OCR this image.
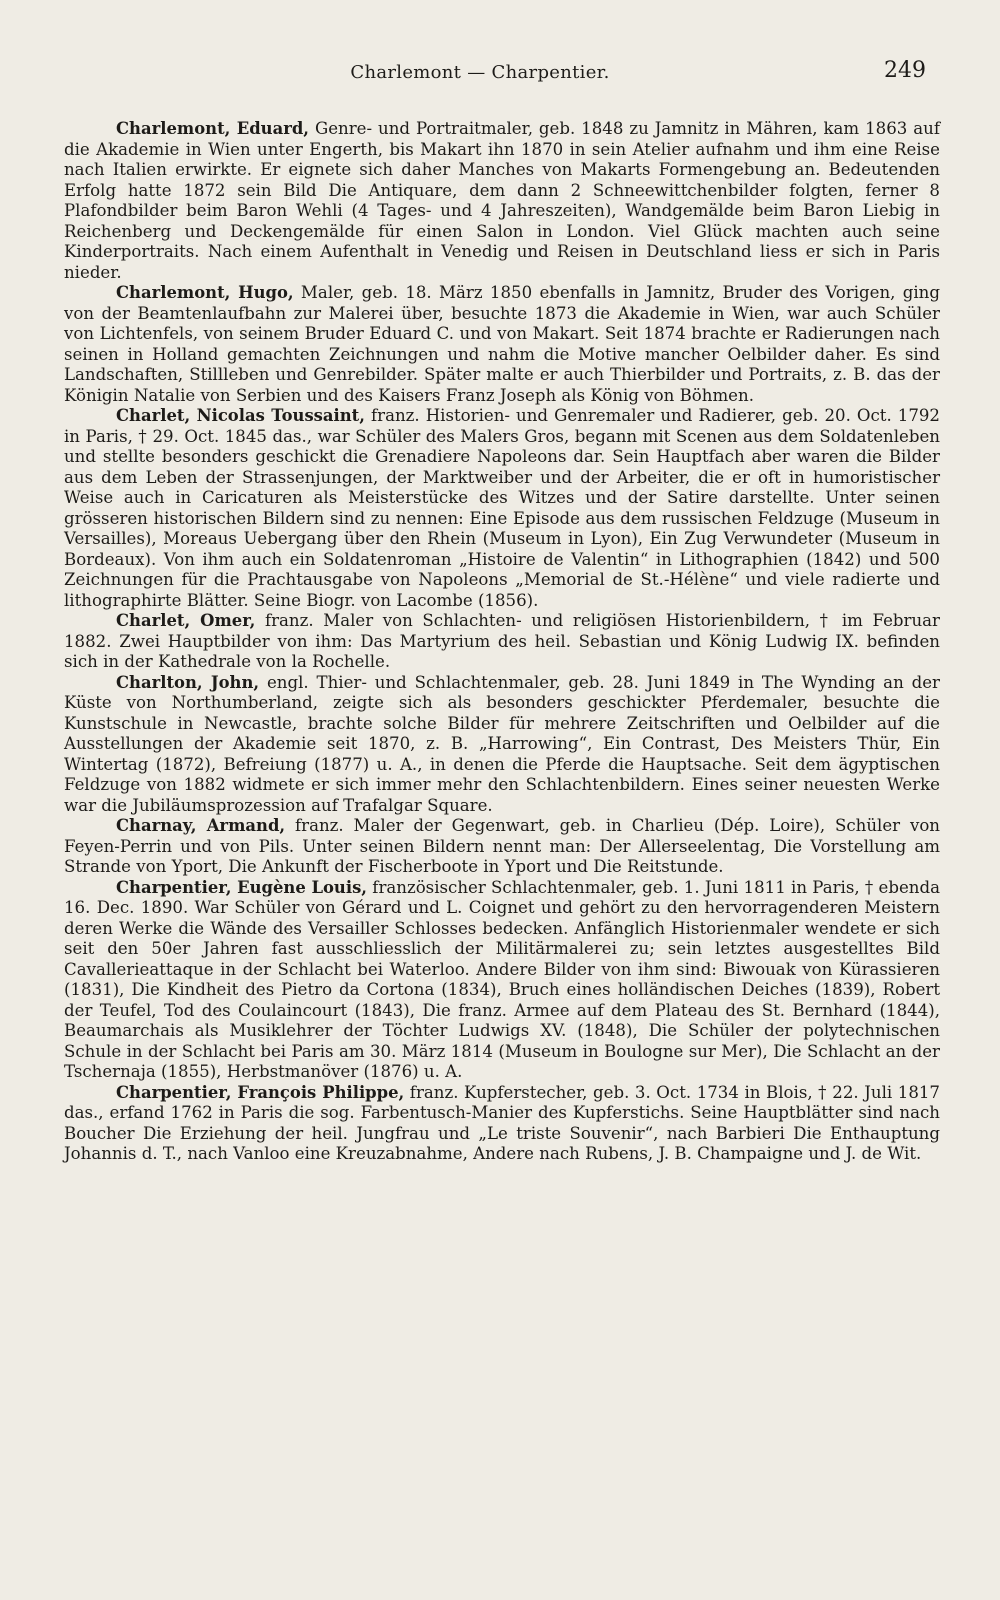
Charlemont — Charpentier.	249

Charlemont, Eduard, Genre- und Portraitmaler, geb. 1848 zu Jamnitz in Mähren, kam 1863 auf die Akademie in Wien unter Engerth, bis Makart ihn 1870 in sein Atelier aufnahm und ihm eine Reise nach Italien erwirkte. Er eignete sich daher Manches von Makarts Formengebung an. Bedeutenden Erfolg hatte 1872 sein Bild Die Antiquare, dem dann 2 Schneewittchenbilder folgten, ferner 8 Plafondbilder beim Baron Wehli (4 Tages- und 4 Jahreszeiten), Wandgemälde beim Baron Liebig in Reichenberg und Deckengemälde für einen Salon in London. Viel Glück machten auch seine Kinderportraits. Nach einem Aufenthalt in Venedig und Reisen in Deutschland liess er sich in Paris nieder.

Charlemont, Hugo, Maler, geb. 18. März 1850 ebenfalls in Jamnitz, Bruder des Vorigen, ging von der Beamtenlaufbahn zur Malerei über, besuchte 1873 die Akademie in Wien, war auch Schüler von Lichtenfels, von seinem Bruder Eduard C. und von Makart. Seit 1874 brachte er Radierungen nach seinen in Holland gemachten Zeichnungen und nahm die Motive mancher Oelbilder daher. Es sind Landschaften, Stillleben und Genrebilder. Später malte er auch Thierbilder und Portraits, z. B. das der Königin Natalie von Serbien und des Kaisers Franz Joseph als König von Böhmen.

Charlet, Nicolas Toussaint, franz. Historien- und Genremaler und Radierer, geb. 20. Oct. 1792 in Paris, † 29. Oct. 1845 das., war Schüler des Malers Gros, begann mit Scenen aus dem Soldatenleben und stellte besonders geschickt die Grenadiere Napoleons dar. Sein Hauptfach aber waren die Bilder aus dem Leben der Strassenjungen, der Marktweiber und der Arbeiter, die er oft in humoristischer Weise auch in Caricaturen als Meisterstücke des Witzes und der Satire darstellte. Unter seinen grösseren historischen Bildern sind zu nennen: Eine Episode aus dem russischen Feldzuge (Museum in Versailles), Moreaus Uebergang über den Rhein (Museum in Lyon), Ein Zug Verwundeter (Museum in Bordeaux). Von ihm auch ein Soldatenroman „Histoire de Valentin“ in Lithographien (1842) und 500 Zeichnungen für die Prachtausgabe von Napoleons „Memorial de St.-Hélène“ und viele radierte und lithographirte Blätter. Seine Biogr. von Lacombe (1856).

Charlet, Omer, franz. Maler von Schlachten- und religiösen Historienbildern, † im Februar 1882. Zwei Hauptbilder von ihm: Das Martyrium des heil. Sebastian und König Ludwig IX. befinden sich in der Kathedrale von la Rochelle.

Charlton, John, engl. Thier- und Schlachtenmaler, geb. 28. Juni 1849 in The Wynding an der Küste von Northumberland, zeigte sich als besonders geschickter Pferdemaler, besuchte die Kunstschule in Newcastle, brachte solche Bilder für mehrere Zeitschriften und Oelbilder auf die Ausstellungen der Akademie seit 1870, z. B. „Harrowing“, Ein Contrast, Des Meisters Thür, Ein Wintertag (1872), Befreiung (1877) u. A., in denen die Pferde die Hauptsache. Seit dem ägyptischen Feldzuge von 1882 widmete er sich immer mehr den Schlachtenbildern. Eines seiner neuesten Werke war die Jubiläumsprozession auf Trafalgar Square.

Charnay, Armand, franz. Maler der Gegenwart, geb. in Charlieu (Dép. Loire), Schüler von Feyen-Perrin und von Pils. Unter seinen Bildern nennt man: Der Allerseelentag, Die Vorstellung am Strande von Yport, Die Ankunft der Fischerboote in Yport und Die Reitstunde.

Charpentier, Eugène Louis, französischer Schlachtenmaler, geb. 1. Juni 1811 in Paris, † ebenda 16. Dec. 1890. War Schüler von Gérard und L. Coignet und gehört zu den hervorragenderen Meistern deren Werke die Wände des Versailler Schlosses bedecken. Anfänglich Historienmaler wendete er sich seit den 50er Jahren fast ausschliesslich der Militärmalerei zu; sein letztes ausgestelltes Bild Cavallerieattaque in der Schlacht bei Waterloo. Andere Bilder von ihm sind: Biwouak von Kürassieren (1831), Die Kindheit des Pietro da Cortona (1834), Bruch eines holländischen Deiches (1839), Robert der Teufel, Tod des Coulaincourt (1843), Die franz. Armee auf dem Plateau des St. Bernhard (1844), Beaumarchais als Musiklehrer der Töchter Ludwigs XV. (1848), Die Schüler der polytechnischen Schule in der Schlacht bei Paris am 30. März 1814 (Museum in Boulogne sur Mer), Die Schlacht an der Tschernaja (1855), Herbstmanöver (1876) u. A.

Charpentier, François Philippe, franz. Kupferstecher, geb. 3. Oct. 1734 in Blois, † 22. Juli 1817 das., erfand 1762 in Paris die sog. Farbentusch-Manier des Kupferstichs. Seine Hauptblätter sind nach Boucher Die Erziehung der heil. Jungfrau und „Le triste Souvenir“, nach Barbieri Die Enthauptung Johannis d. T., nach Vanloo eine Kreuzabnahme, Andere nach Rubens, J. B. Champaigne und J. de Wit.
